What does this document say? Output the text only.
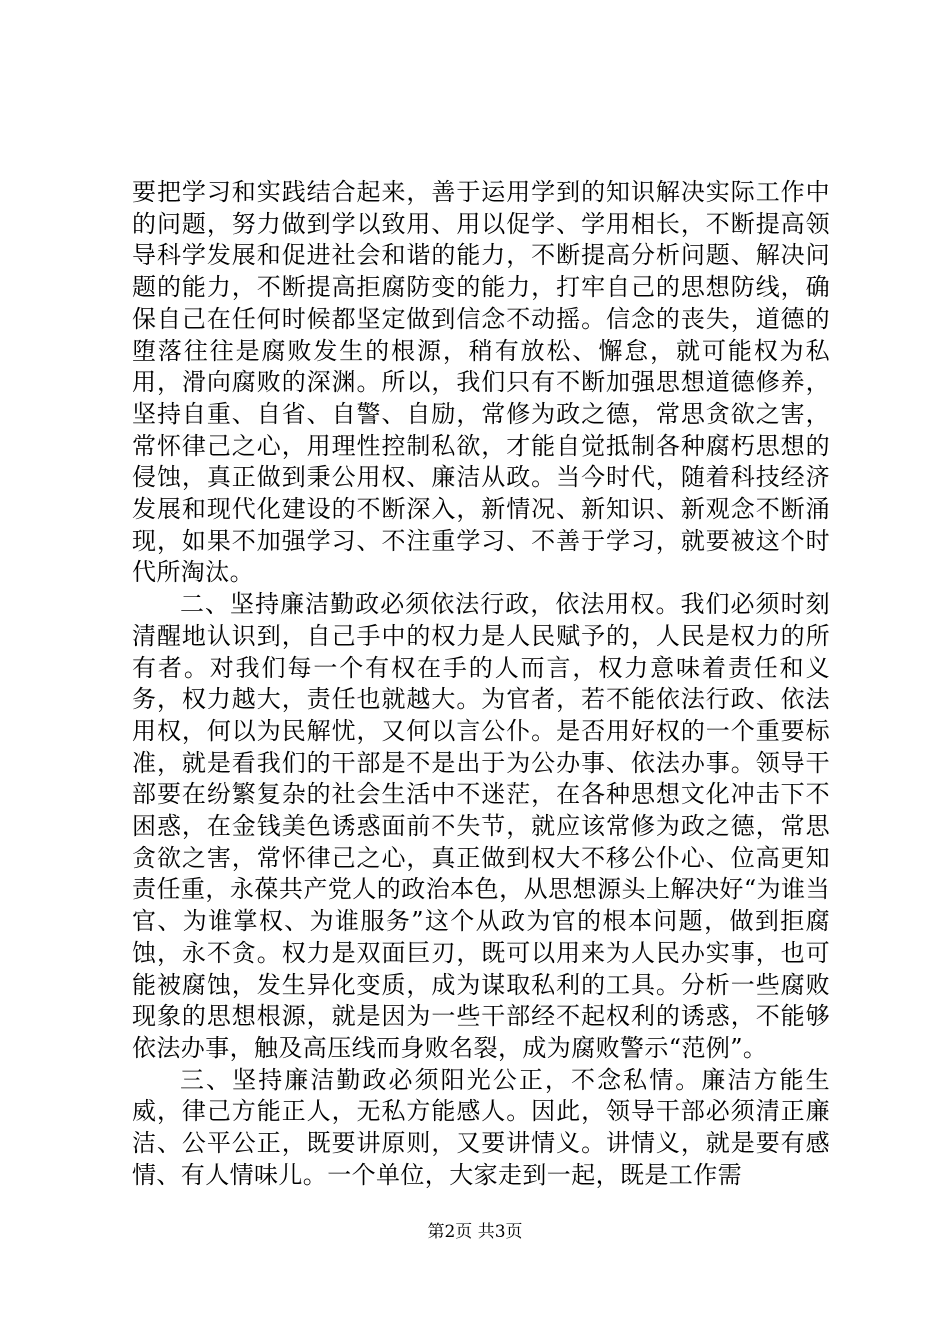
要把学习和实践结合起来，善于运用学到的知识解决实际工作中的问题，努力做到学以致用、用以促学、学用相长，不断提高领导科学发展和促进社会和谐的能力，不断提高分析问题、解决问题的能力，不断提高拒腐防变的能力，打牢自己的思想防线，确保自己在任何时候都坚定做到信念不动摇。信念的丧失，道德的堕落往往是腐败发生的根源，稍有放松、懈怠，就可能权为私用，滑向腐败的深渊。所以，我们只有不断加强思想道德修养，坚持自重、自省、自警、自励，常修为政之德，常思贪欲之害，常怀律己之心，用理性控制私欲，才能自觉抵制各种腐朽思想的侵蚀，真正做到秉公用权、廉洁从政。当今时代，随着科技经济发展和现代化建设的不断深入，新情况、新知识、新观念不断涌现，如果不加强学习、不注重学习、不善于学习，就要被这个时代所淘汰。

二、坚持廉洁勤政必须依法行政，依法用权。我们必须时刻清醒地认识到，自己手中的权力是人民赋予的，人民是权力的所有者。对我们每一个有权在手的人而言，权力意味着责任和义务，权力越大，责任也就越大。为官者，若不能依法行政、依法用权，何以为民解忧，又何以言公仆。是否用好权的一个重要标准，就是看我们的干部是不是出于为公办事、依法办事。领导干部要在纷繁复杂的社会生活中不迷茫，在各种思想文化冲击下不困惑，在金钱美色诱惑面前不失节，就应该常修为政之德，常思贪欲之害，常怀律己之心，真正做到权大不移公仆心、位高更知责任重，永葆共产党人的政治本色，从思想源头上解决好“为谁当官、为谁掌权、为谁服务”这个从政为官的根本问题，做到拒腐蚀，永不贪。权力是双面巨刃，既可以用来为人民办实事，也可能被腐蚀，发生异化变质，成为谋取私利的工具。分析一些腐败现象的思想根源，就是因为一些干部经不起权利的诱惑，不能够依法办事，触及高压线而身败名裂，成为腐败警示“范例”。

三、坚持廉洁勤政必须阳光公正，不念私情。廉洁方能生威，律己方能正人，无私方能感人。因此，领导干部必须清正廉洁、公平公正，既要讲原则，又要讲情义。讲情义，就是要有感情、有人情味儿。一个单位，大家走到一起，既是工作需

第2页 共3页
